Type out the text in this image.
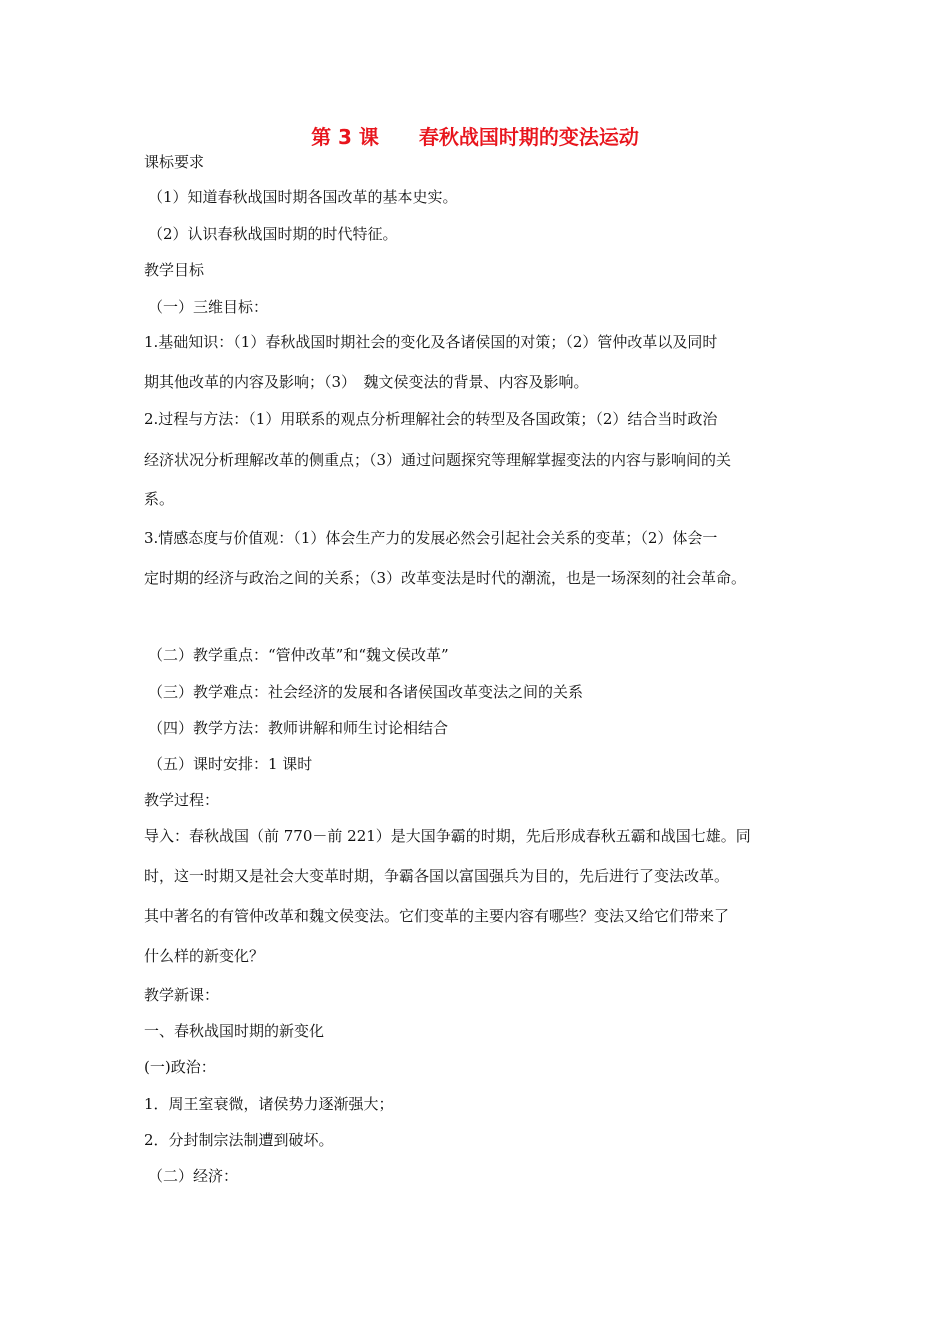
第 3 课　　春秋战国时期的变法运动
课标要求
（1）知道春秋战国时期各国改革的基本史实。
（2）认识春秋战国时期的时代特征。
教学目标
（一）三维目标：
1.基础知识：（1）春秋战国时期社会的变化及各诸侯国的对策；（2）管仲改革以及同时
期其他改革的内容及影响；（3）　魏文侯变法的背景、内容及影响。
2.过程与方法：（1）用联系的观点分析理解社会的转型及各国政策；（2）结合当时政治
经济状况分析理解改革的侧重点；（3）通过问题探究等理解掌握变法的内容与影响间的关
系。
3.情感态度与价值观：（1）体会生产力的发展必然会引起社会关系的变革；（2）体会一
定时期的经济与政治之间的关系；（3）改革变法是时代的潮流，也是一场深刻的社会革命。
（二）教学重点：“管仲改革”和“魏文侯改革”
（三）教学难点：社会经济的发展和各诸侯国改革变法之间的关系
（四）教学方法：教师讲解和师生讨论相结合
（五）课时安排：1 课时
教学过程：
导入：春秋战国（前 770－前 221）是大国争霸的时期，先后形成春秋五霸和战国七雄。同
时，这一时期又是社会大变革时期，争霸各国以富国强兵为目的，先后进行了变法改革。
其中著名的有管仲改革和魏文侯变法。它们变革的主要内容有哪些？变法又给它们带来了
什么样的新变化？
教学新课：
一、春秋战国时期的新变化
(一)政治：
1．周王室衰微，诸侯势力逐渐强大；
2．分封制宗法制遭到破坏。
（二）经济：
